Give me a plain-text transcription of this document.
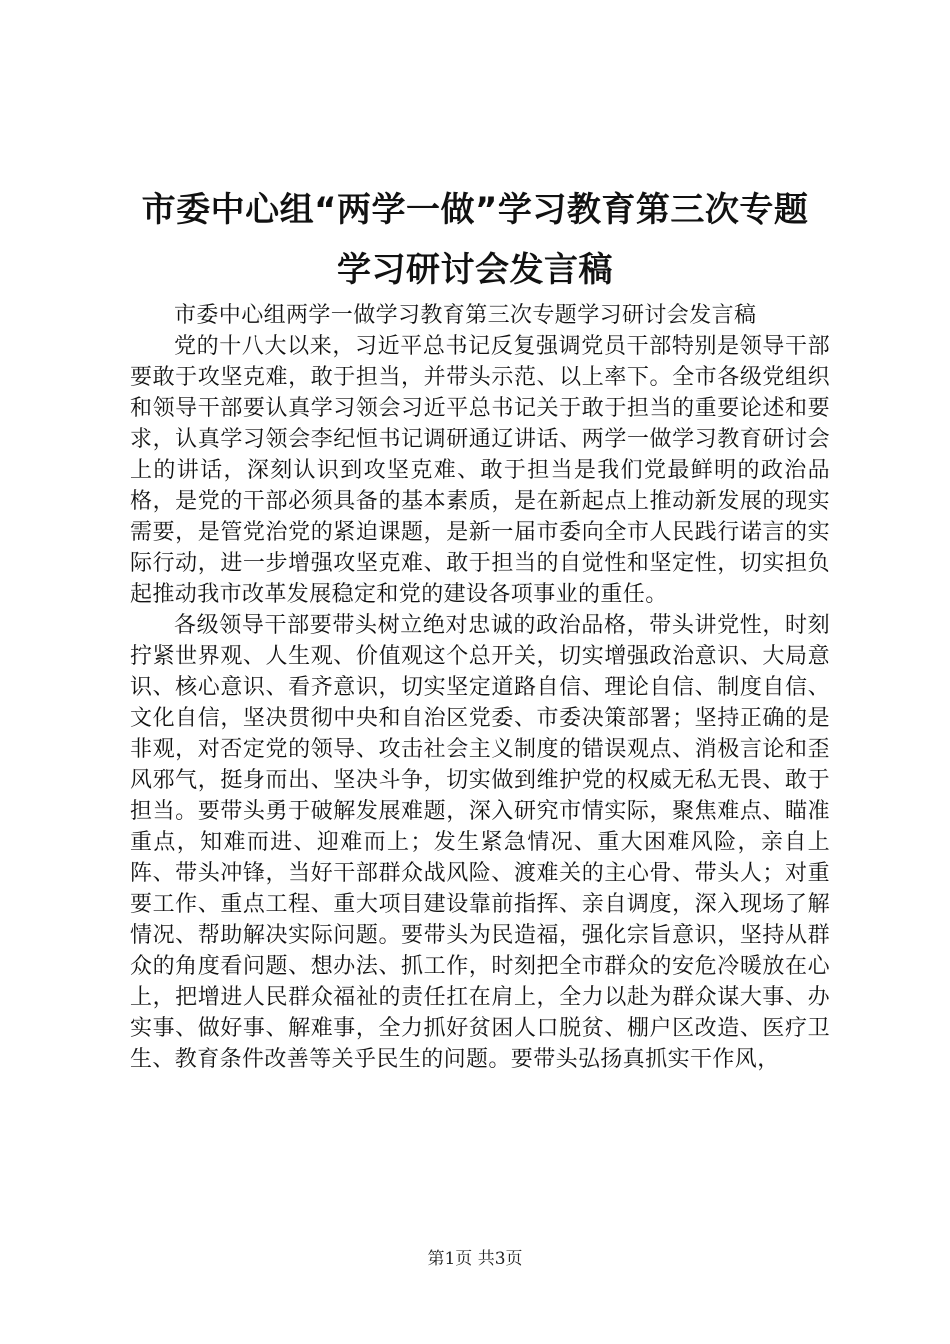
市委中心组“两学一做”学习教育第三次专题
学习研讨会发言稿

市委中心组两学一做学习教育第三次专题学习研讨会发言稿

党的十八大以来，习近平总书记反复强调党员干部特别是领导干部要敢于攻坚克难，敢于担当，并带头示范、以上率下。全市各级党组织和领导干部要认真学习领会习近平总书记关于敢于担当的重要论述和要求，认真学习领会李纪恒书记调研通辽讲话、两学一做学习教育研讨会上的讲话，深刻认识到攻坚克难、敢于担当是我们党最鲜明的政治品格，是党的干部必须具备的基本素质，是在新起点上推动新发展的现实需要，是管党治党的紧迫课题，是新一届市委向全市人民践行诺言的实际行动，进一步增强攻坚克难、敢于担当的自觉性和坚定性，切实担负起推动我市改革发展稳定和党的建设各项事业的重任。

各级领导干部要带头树立绝对忠诚的政治品格，带头讲党性，时刻拧紧世界观、人生观、价值观这个总开关，切实增强政治意识、大局意识、核心意识、看齐意识，切实坚定道路自信、理论自信、制度自信、文化自信，坚决贯彻中央和自治区党委、市委决策部署；坚持正确的是非观，对否定党的领导、攻击社会主义制度的错误观点、消极言论和歪风邪气，挺身而出、坚决斗争，切实做到维护党的权威无私无畏、敢于担当。要带头勇于破解发展难题，深入研究市情实际，聚焦难点、瞄准重点，知难而进、迎难而上；发生紧急情况、重大困难风险，亲自上阵、带头冲锋，当好干部群众战风险、渡难关的主心骨、带头人；对重要工作、重点工程、重大项目建设靠前指挥、亲自调度，深入现场了解情况、帮助解决实际问题。要带头为民造福，强化宗旨意识，坚持从群众的角度看问题、想办法、抓工作，时刻把全市群众的安危冷暖放在心上，把增进人民群众福祉的责任扛在肩上，全力以赴为群众谋大事、办实事、做好事、解难事，全力抓好贫困人口脱贫、棚户区改造、医疗卫生、教育条件改善等关乎民生的问题。要带头弘扬真抓实干作风，

第1页 共3页
